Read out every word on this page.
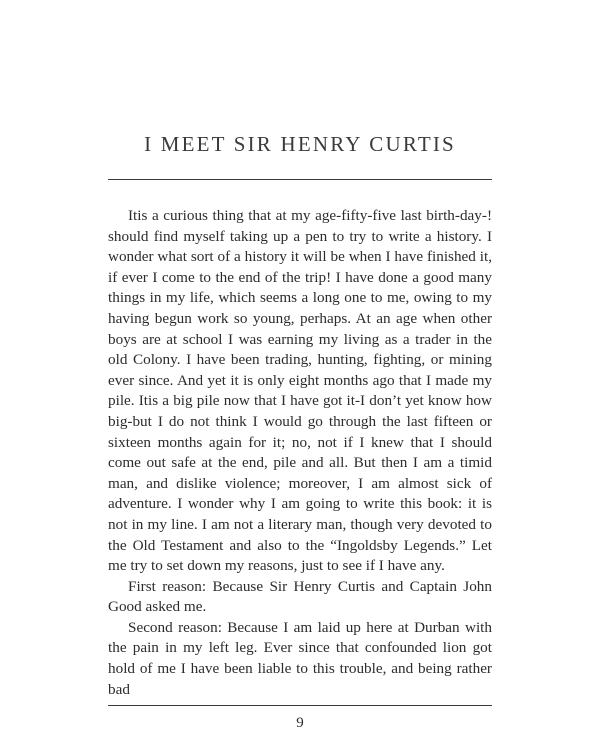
I MEET SIR HENRY CURTIS

Itis a curious thing that at my age-fifty-five last birth-day-! should find myself taking up a pen to try to write a history. I wonder what sort of a history it will be when I have finished it, if ever I come to the end of the trip! I have done a good many things in my life, which seems a long one to me, owing to my having begun work so young, perhaps. At an age when other boys are at school I was earning my living as a trader in the old Colony. I have been trading, hunting, fighting, or mining ever since. And yet it is only eight months ago that I made my pile. Itis a big pile now that I have got it-I don’t yet know how big-but I do not think I would go through the last fifteen or sixteen months again for it; no, not if I knew that I should come out safe at the end, pile and all. But then I am a timid man, and dislike violence; moreover, I am almost sick of adventure. I wonder why I am going to write this book: it is not in my line. I am not a literary man, though very devoted to the Old Testament and also to the “Ingoldsby Legends.” Let me try to set down my reasons, just to see if I have any.

First reason: Because Sir Henry Curtis and Captain John Good asked me.

Second reason: Because I am laid up here at Durban with the pain in my left leg. Ever since that confounded lion got hold of me I have been liable to this trouble, and being rather bad

9
